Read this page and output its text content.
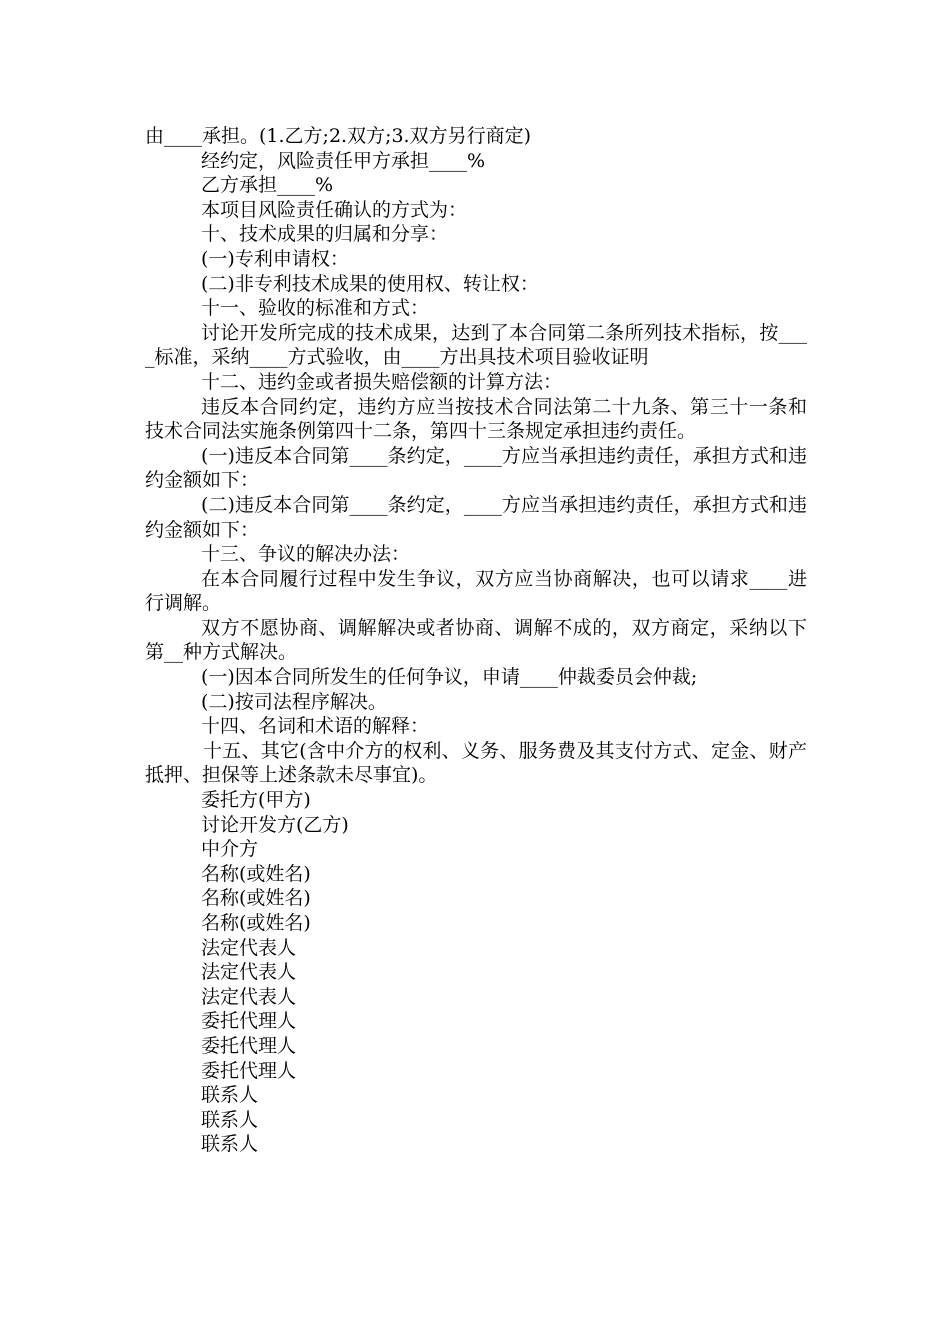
由____承担。(1.乙方;2.双方;3.双方另行商定)

经约定，风险责任甲方承担____%

乙方承担____%

本项目风险责任确认的方式为：

十、技术成果的归属和分享：

(一)专利申请权：

(二)非专利技术成果的使用权、转让权：

十一、验收的标准和方式：

讨论开发所完成的技术成果，达到了本合同第二条所列技术指标，按____标准，采纳____方式验收，由____方出具技术项目验收证明

十二、违约金或者损失赔偿额的计算方法：

违反本合同约定，违约方应当按技术合同法第二十九条、第三十一条和技术合同法实施条例第四十二条，第四十三条规定承担违约责任。

(一)违反本合同第____条约定，____方应当承担违约责任，承担方式和违约金额如下：

(二)违反本合同第____条约定，____方应当承担违约责任，承担方式和违约金额如下：

十三、争议的解决办法：

在本合同履行过程中发生争议，双方应当协商解决，也可以请求____进行调解。

双方不愿协商、调解解决或者协商、调解不成的，双方商定，采纳以下第__种方式解决。

(一)因本合同所发生的任何争议，申请____仲裁委员会仲裁;

(二)按司法程序解决。

十四、名词和术语的解释：

十五、其它(含中介方的权利、义务、服务费及其支付方式、定金、财产抵押、担保等上述条款未尽事宜)。

委托方(甲方)

讨论开发方(乙方)

中介方

名称(或姓名)

名称(或姓名)

名称(或姓名)

法定代表人

法定代表人

法定代表人

委托代理人

委托代理人

委托代理人

联系人

联系人

联系人
